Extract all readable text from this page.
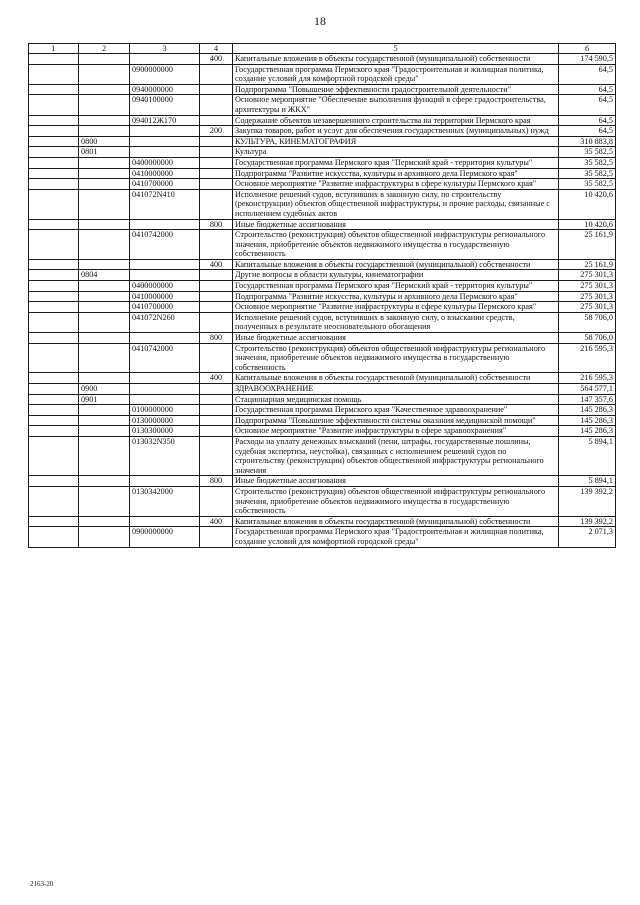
18
1	2	3	4	5	6
			400	Капитальные вложения в объекты государственной (муниципальной) собственности	174 590,5
		0900000000		Государственная программа Пермского края "Градостроительная и жилищная политика, создание условий для комфортной городской среды"	64,5
		0940000000		Подпрограмма "Повышение эффективности градостроительной деятельности"	64,5
		0940100000		Основное мероприятие "Обеспечение выполнения функций в сфере градостроительства, архитектуры и ЖКХ"	64,5
		094012Ж170		Содержание объектов незавершенного строительства на территории Пермского края	64,5
			200	Закупка товаров, работ и услуг для обеспечения государственных (муниципальных) нужд	64,5
	0800			КУЛЬТУРА, КИНЕМАТОГРАФИЯ	310 883,8
	0801			Культура	35 582,5
		0400000000		Государственная программа Пермского края "Пермский край - территория культуры"	35 582,5
		0410000000		Подпрограмма "Развитие искусства, культуры и архивного дела Пермского края"	35 582,5
		0410700000		Основное мероприятие "Развитие инфраструктуры в сфере культуры Пермского края"	35 582,5
		041072N410		Исполнение решений судов, вступивших в законную силу, по строительству (реконструкции) объектов общественной инфраструктуры, и прочие расходы, связанные с исполнением судебных актов	10 420,6
			800	Иные бюджетные ассигнования	10 420,6
		0410742000		Строительство (реконструкция) объектов общественной инфраструктуры регионального значения, приобретение объектов недвижимого имущества в государственную собственность	25 161,9
			400	Капитальные вложения в объекты государственной (муниципальной) собственности	25 161,9
	0804			Другие вопросы в области культуры, кинематографии	275 301,3
		0400000000		Государственная программа Пермского края "Пермский край - территория культуры"	275 301,3
		0410000000		Подпрограмма "Развитие искусства, культуры и архивного дела Пермского края"	275 301,3
		0410700000		Основное мероприятие "Развитие инфраструктуры в сфере культуры Пермского края"	275 301,3
		041072N260		Исполнение решений судов, вступивших в законную силу, о взыскании средств, полученных в результате неосновательного обогащения	58 706,0
			800	Иные бюджетные ассигнования	58 706,0
		0410742000		Строительство (реконструкция) объектов общественной инфраструктуры регионального значения, приобретение объектов недвижимого имущества в государственную собственность	216 595,3
			400	Капитальные вложения в объекты государственной (муниципальной) собственности	216 595,3
	0900			ЗДРАВООХРАНЕНИЕ	564 577,1
	0901			Стационарная медицинская помощь	147 357,6
		0100000000		Государственная программа Пермского края "Качественное здравоохранение"	145 286,3
		0130000000		Подпрограмма "Повышение эффективности системы оказания медицинской помощи"	145 286,3
		0130300000		Основное мероприятие "Развитие инфраструктуры в сфере здравоохранения"	145 286,3
		013032N350		Расходы на уплату денежных взысканий (пени, штрафы, государственные пошлины, судебная экспертиза, неустойка), связанных с исполнением решений судов по строительству (реконструкции) объектов общественной инфраструктуры регионального значения	5 894,1
			800	Иные бюджетные ассигнования	5 894,1
		0130342000		Строительство (реконструкция) объектов общественной инфраструктуры регионального значения, приобретение объектов недвижимого имущества в государственную собственность	139 392,2
			400	Капитальные вложения в объекты государственной (муниципальной) собственности	139 392,2
		0900000000		Государственная программа Пермского края "Градостроительная и жилищная политика, создание условий для комфортной городской среды"	2 071,3
2163-20
